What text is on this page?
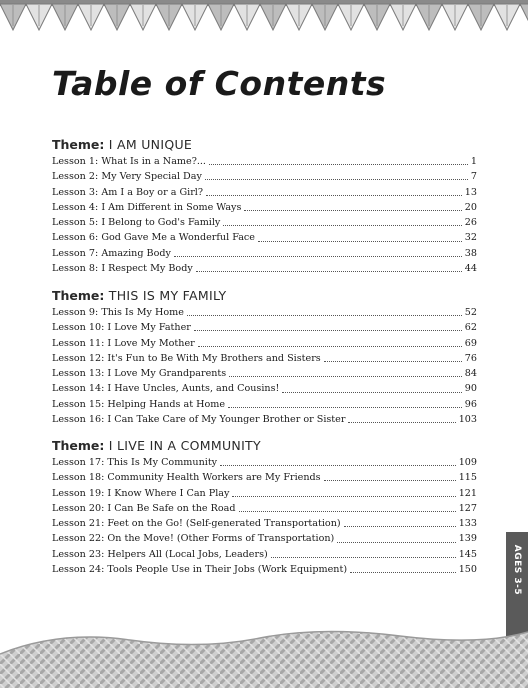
Table of Contents
Theme: I AM UNIQUE
Lesson 1: What Is in a Name?...	1
Lesson 2: My Very Special Day	7
Lesson 3: Am I a Boy or a Girl?	13
Lesson 4: I Am Different in Some Ways	20
Lesson 5: I Belong to God's Family	26
Lesson 6: God Gave Me a Wonderful Face	32
Lesson 7: Amazing Body	38
Lesson 8: I Respect My Body	44
Theme: THIS IS MY FAMILY
Lesson 9: This Is My Home	52
Lesson 10: I Love My Father	62
Lesson 11: I Love My Mother	69
Lesson 12: It's Fun to Be With My Brothers and Sisters	76
Lesson 13: I Love My Grandparents	84
Lesson 14: I Have Uncles, Aunts, and Cousins!	90
Lesson 15: Helping Hands at Home	96
Lesson 16: I Can Take Care of My Younger Brother or Sister	103
Theme: I LIVE IN A COMMUNITY
Lesson 17: This Is My Community	109
Lesson 18: Community Health Workers are My Friends	115
Lesson 19: I Know Where I Can Play	121
Lesson 20: I Can Be Safe on the Road	127
Lesson 21: Feet on the Go! (Self-generated Transportation)	133
Lesson 22: On the Move! (Other Forms of Transportation)	139
Lesson 23: Helpers All (Local Jobs, Leaders)	145
Lesson 24: Tools People Use in Their Jobs (Work Equipment)	150	AGES 3-5
